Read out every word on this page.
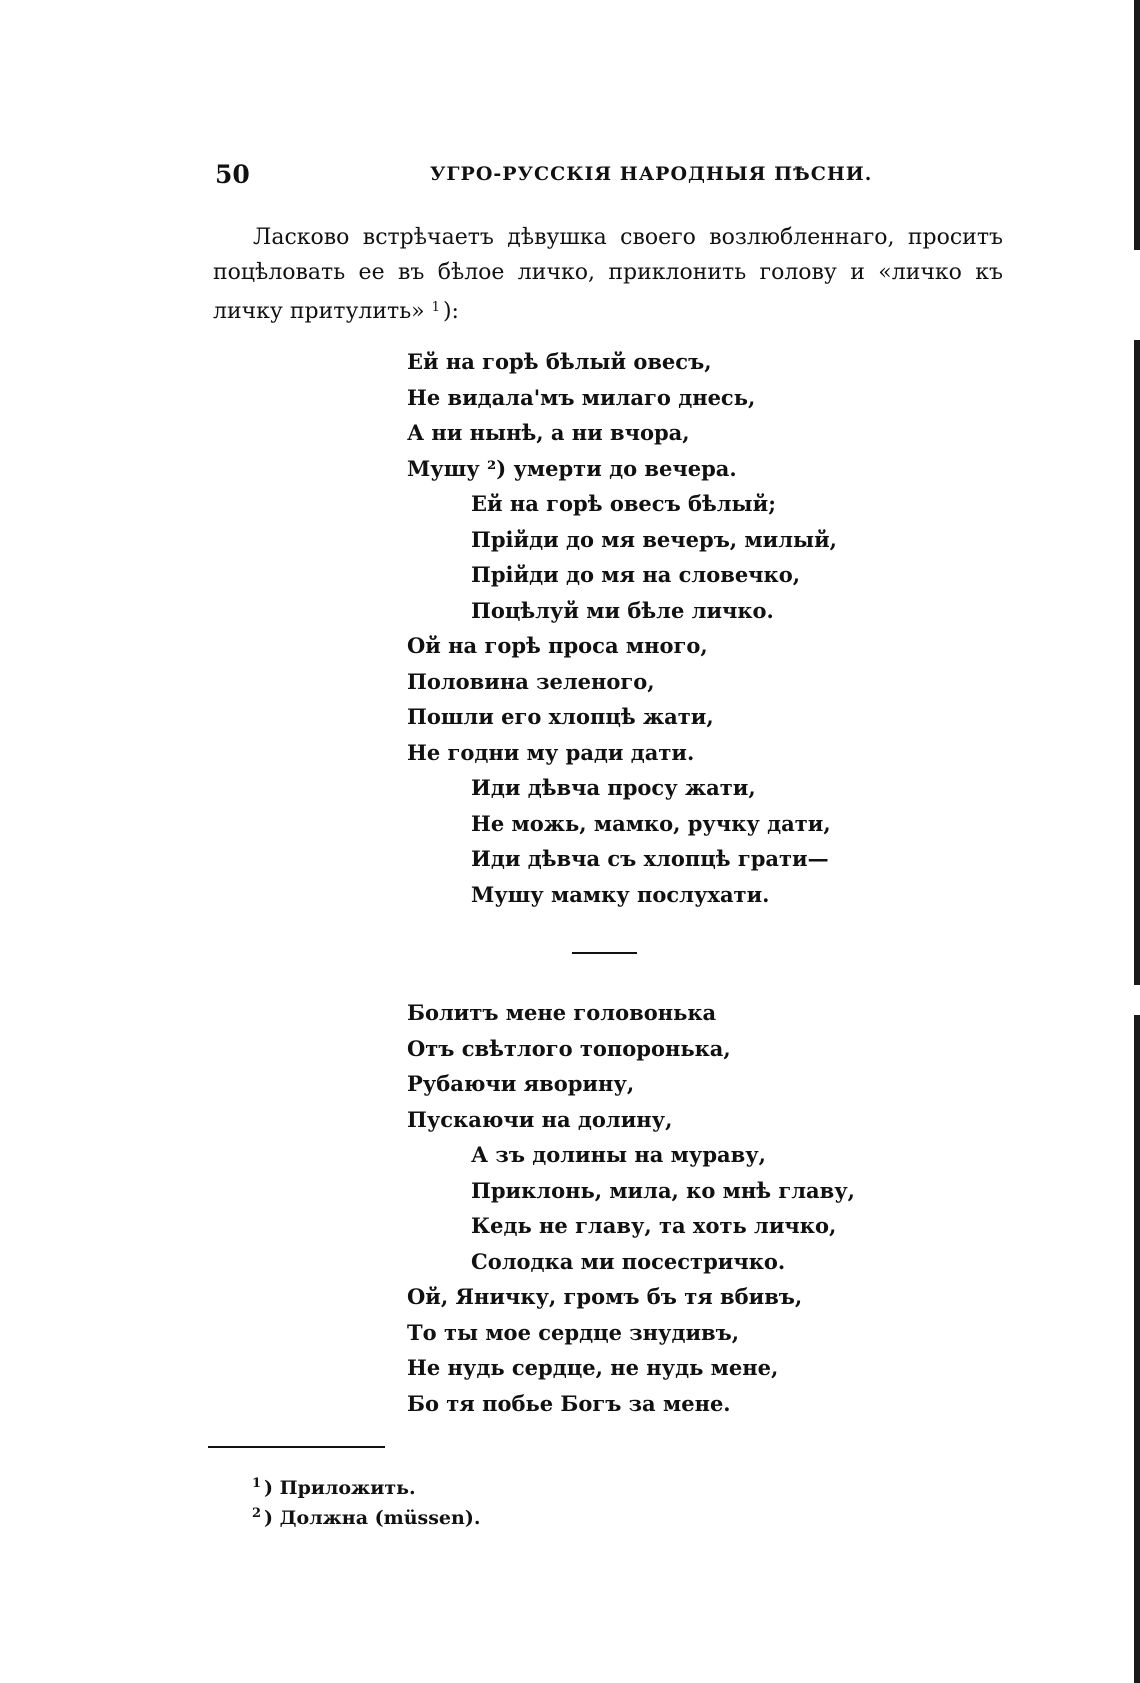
50	УГРО-РУССКІЯ НАРОДНЫЯ ПѢСНИ.

Ласково встрѣчаетъ дѣвушка своего возлюбленнаго, проситъ поцѣловать ее въ бѣлое личко, приклонить голову и «личко къ личку притулить» $^1$ ):

Ей на горѣ бѣлый овесъ,
Не видала'мъ милаго днесь,
А ни нынѣ, а ни вчора,
Мушу ²) умерти до вечера.
Ей на горѣ овесъ бѣлый;
Прійди до мя вечеръ, милый,
Прійди до мя на словечко,
Поцѣлуй ми бѣле личко.
Ой на горѣ проса много,
Половина зеленого,
Пошли его хлопцѣ жати,
Не годни му ради дати.
Иди дѣвча просу жати,
Не можь, мамко, ручку дати,
Иди дѣвча съ хлопцѣ грати—
Мушу мамку послухати.
Болитъ мене головонька
Отъ свѣтлого топоронька,
Рубаючи яворину,
Пускаючи на долину,
А зъ долины на мураву,
Приклонь, мила, ко мнѣ главу,
Кедь не главу, та хоть личко,
Солодка ми посестричко.
Ой, Яничку, громъ бъ тя вбивъ,
То ты мое сердце знудивъ,
Не нудь сердце, не нудь мене,
Бо тя побье Богъ за мене.
$^1$ ) Приложить.
$^2$ ) Должна (müssen).
